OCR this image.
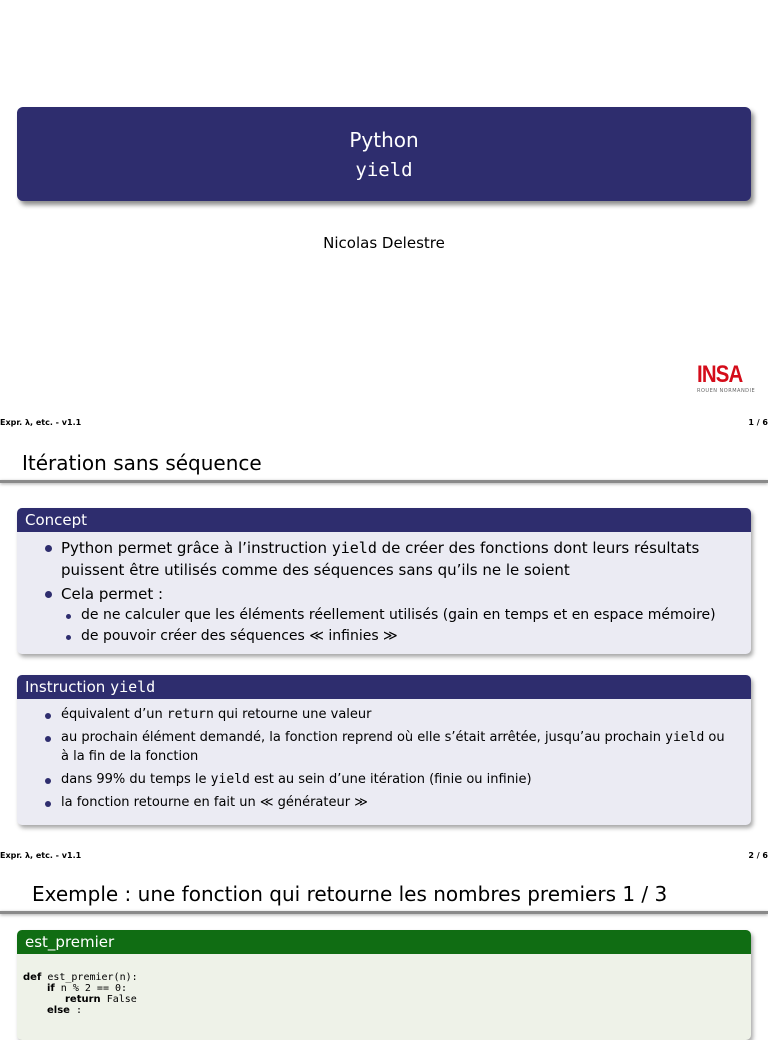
Python
yield
Nicolas Delestre
INSA
ROUEN NORMANDIE
Expr. λ, etc. - v1.1	1 / 6
Itération sans séquence
Concept
Python permet grâce à l’instruction yield de créer des fonctions dont leurs résultats puissent être utilisés comme des séquences sans qu’ils ne le soient
Cela permet :
de ne calculer que les éléments réellement utilisés (gain en temps et en espace mémoire)
de pouvoir créer des séquences ≪ infinies ≫
Instruction yield
équivalent d’un return qui retourne une valeur
au prochain élément demandé, la fonction reprend où elle s’était arrêtée, jusqu’au prochain yield ou à la fin de la fonction
dans 99% du temps le yield est au sein d’une itération (finie ou infinie)
la fonction retourne en fait un ≪ générateur ≫
Expr. λ, etc. - v1.1	2 / 6
Exemple : une fonction qui retourne les nombres premiers 1 / 3
est_premier
def est_premier(n):
if n % 2 == 0:
return False
else :
